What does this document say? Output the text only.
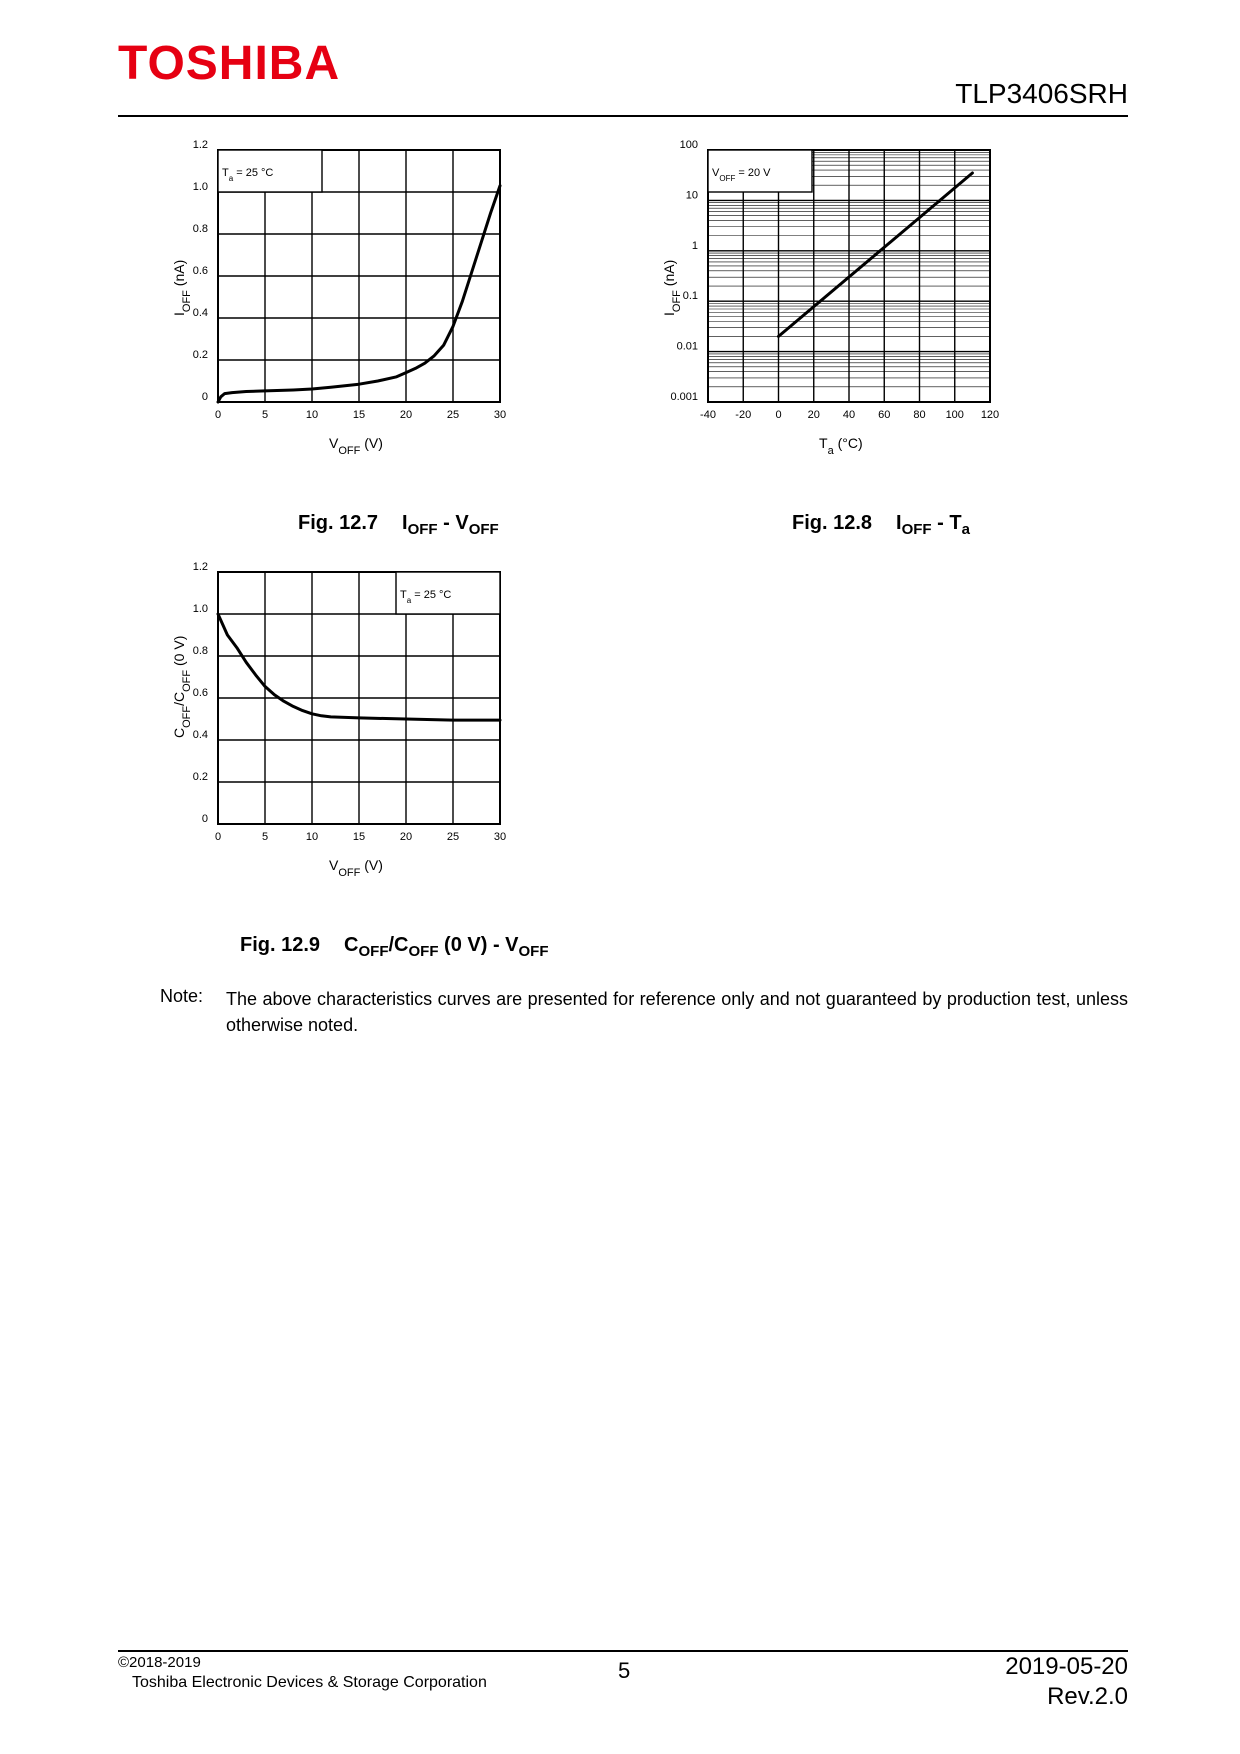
TOSHIBA
TLP3406SRH
0	5	10	15	20	25	30
0
0.2
0.4
0.6
0.8
1.0
1.2
$T_a = 25$ °C
$V_{OFF}$ (V)
$I_{OFF}$ (nA)
Fig. 12.7 $I_{OFF} - V_{OFF}$
-40 -20 0 20 40 60 80 100 120
0.001
0.01
0.1
1
10
100
$V_{OFF} = 20$ V
$T_a$ (°C)
$I_{OFF}$ (nA)
Fig. 12.8 $I_{OFF} - T_a$
0	5	10	15	20	25	30
0
0.2
0.4
0.6
0.8
1.0
1.2
$T_a = 25$ °C
$V_{OFF}$ (V)
$C_{OFF}/C_{OFF}$ (0 V)
Fig. 12.9 $C_{OFF}/C_{OFF}$ (0 $V) - V_{OFF}$
Note: The above characteristics curves are presented for reference only and not guaranteed by production test, unless otherwise noted.
©2018-2019
Toshiba Electronic Devices & Storage Corporation	5	2019-05-20
Rev.2.0
